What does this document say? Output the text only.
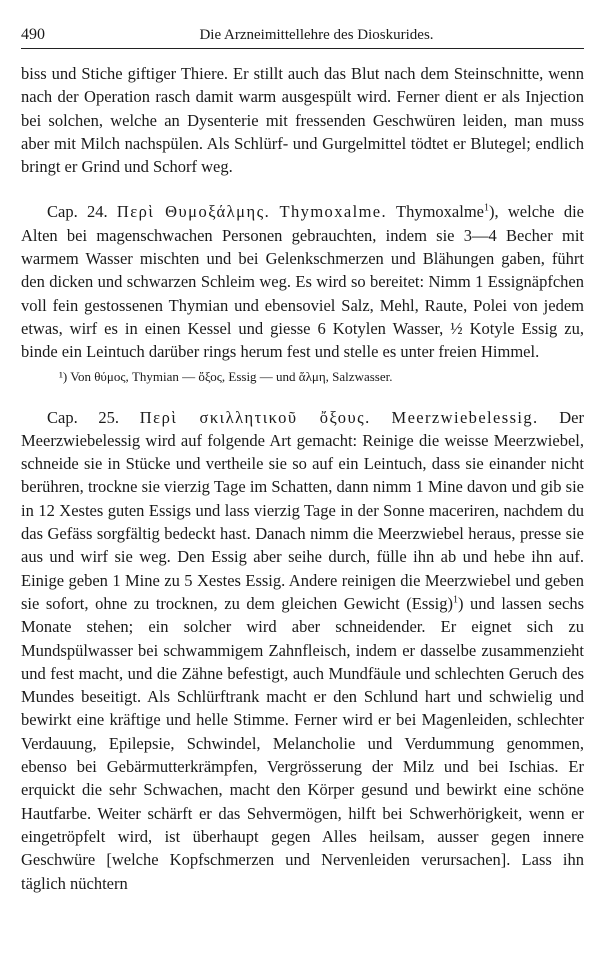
490	Die Arzneimittellehre des Dioskurides.

biss und Stiche giftiger Thiere. Er stillt auch das Blut nach dem Steinschnitte, wenn nach der Operation rasch damit warm ausgespült wird. Ferner dient er als Injection bei solchen, welche an Dysenterie mit fressenden Geschwüren leiden, man muss aber mit Milch nachspülen. Als Schlürf- und Gurgelmittel tödtet er Blutegel; endlich bringt er Grind und Schorf weg.

Cap. 24. Περὶ Θυμοξάλμης. Thymoxalme. Thymoxalme$^1$), welche die Alten bei magenschwachen Personen gebrauchten, indem sie 3—4 Becher mit warmem Wasser mischten und bei Gelenkschmerzen und Blähungen gaben, führt den dicken und schwarzen Schleim weg. Es wird so bereitet: Nimm 1 Essignäpfchen voll fein gestossenen Thymian und ebensoviel Salz, Mehl, Raute, Polei von jedem etwas, wirf es in einen Kessel und giesse 6 Kotylen Wasser, ½ Kotyle Essig zu, binde ein Leintuch darüber rings herum fest und stelle es unter freien Himmel.

¹) Von θύμος, Thymian — ὄξος, Essig — und ἅλμη, Salzwasser.

Cap. 25. Περὶ σκιλλητικοῦ ὄξους. Meerzwiebelessig. Der Meerzwiebelessig wird auf folgende Art gemacht: Reinige die weisse Meerzwiebel, schneide sie in Stücke und vertheile sie so auf ein Leintuch, dass sie einander nicht berühren, trockne sie vierzig Tage im Schatten, dann nimm 1 Mine davon und gib sie in 12 Xestes guten Essigs und lass vierzig Tage in der Sonne maceriren, nachdem du das Gefäss sorgfältig bedeckt hast. Danach nimm die Meerzwiebel heraus, presse sie aus und wirf sie weg. Den Essig aber seihe durch, fülle ihn ab und hebe ihn auf. Einige geben 1 Mine zu 5 Xestes Essig. Andere reinigen die Meerzwiebel und geben sie sofort, ohne zu trocknen, zu dem gleichen Gewicht (Essig)$^1$) und lassen sechs Monate stehen; ein solcher wird aber schneidender. Er eignet sich zu Mundspülwasser bei schwammigem Zahnfleisch, indem er dasselbe zusammenzieht und fest macht, und die Zähne befestigt, auch Mundfäule und schlechten Geruch des Mundes beseitigt. Als Schlürftrank macht er den Schlund hart und schwielig und bewirkt eine kräftige und helle Stimme. Ferner wird er bei Magenleiden, schlechter Verdauung, Epilepsie, Schwindel, Melancholie und Verdummung genommen, ebenso bei Gebärmutterkrämpfen, Vergrösserung der Milz und bei Ischias. Er erquickt die sehr Schwachen, macht den Körper gesund und bewirkt eine schöne Hautfarbe. Weiter schärft er das Sehvermögen, hilft bei Schwerhörigkeit, wenn er eingetröpfelt wird, ist überhaupt gegen Alles heilsam, ausser gegen innere Geschwüre [welche Kopfschmerzen und Nervenleiden verursachen]. Lass ihn täglich nüchtern
